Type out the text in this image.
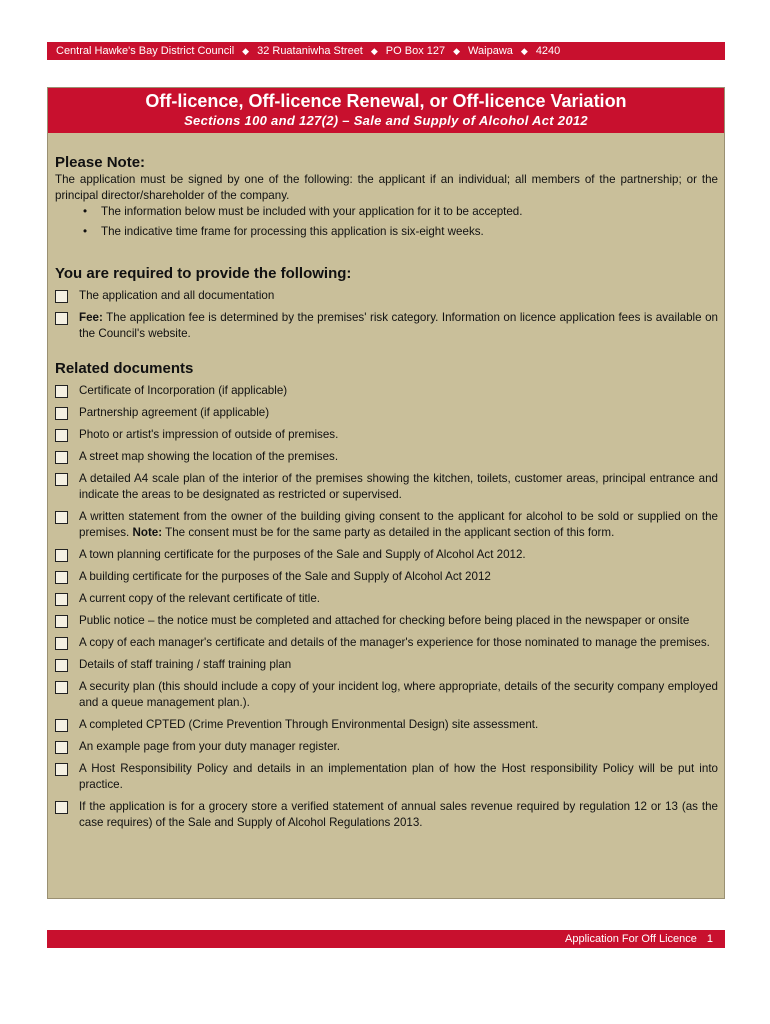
Central Hawke's Bay District Council ◆ 32 Ruataniwha Street ◆ PO Box 127 ◆ Waipawa ◆ 4240
Off-licence, Off-licence Renewal, or Off-licence Variation
Sections 100 and 127(2) – Sale and Supply of Alcohol Act 2012
Please Note:
The application must be signed by one of the following: the applicant if an individual; all members of the partnership; or the principal director/shareholder of the company.
• The information below must be included with your application for it to be accepted.
• The indicative time frame for processing this application is six-eight weeks.
You are required to provide the following:
The application and all documentation
Fee: The application fee is determined by the premises' risk category. Information on licence application fees is available on the Council's website.
Related documents
Certificate of Incorporation (if applicable)
Partnership agreement (if applicable)
Photo or artist's impression of outside of premises.
A street map showing the location of the premises.
A detailed A4 scale plan of the interior of the premises showing the kitchen, toilets, customer areas, principal entrance and indicate the areas to be designated as restricted or supervised.
A written statement from the owner of the building giving consent to the applicant for alcohol to be sold or supplied on the premises. Note: The consent must be for the same party as detailed in the applicant section of this form.
A town planning certificate for the purposes of the Sale and Supply of Alcohol Act 2012.
A building certificate for the purposes of the Sale and Supply of Alcohol Act 2012
A current copy of the relevant certificate of title.
Public notice – the notice must be completed and attached for checking before being placed in the newspaper or onsite
A copy of each manager's certificate and details of the manager's experience for those nominated to manage the premises.
Details of staff training / staff training plan
A security plan (this should include a copy of your incident log, where appropriate, details of the security company employed and a queue management plan.).
A completed CPTED (Crime Prevention Through Environmental Design) site assessment.
An example page from your duty manager register.
A Host Responsibility Policy and details in an implementation plan of how the Host responsibility Policy will be put into practice.
If the application is for a grocery store a verified statement of annual sales revenue required by regulation 12 or 13 (as the case requires) of the Sale and Supply of Alcohol Regulations 2013.
Application For Off Licence 1
